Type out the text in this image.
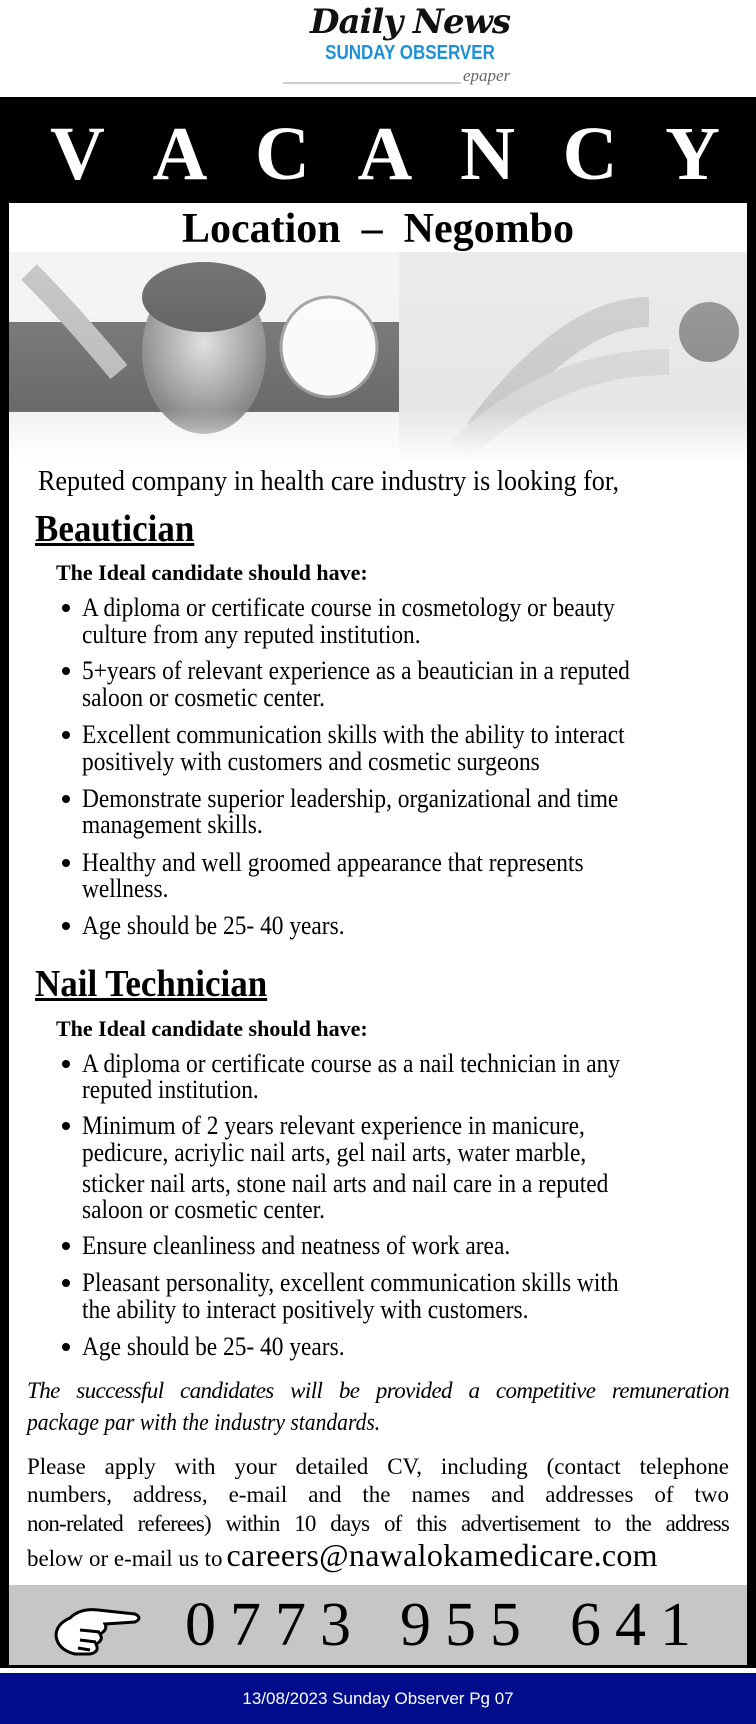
Daily News
SUNDAY OBSERVER
epaper
V A C A N C Y
Location  –  Negombo
Reputed company in health care industry is looking for,
Beautician
The Ideal candidate should have:
A diploma or certificate course in cosmetology or beauty
culture from any reputed institution.
5+years of relevant experience as a beautician in a reputed
saloon or cosmetic center.
Excellent communication skills with the ability to interact
positively with customers and cosmetic surgeons
Demonstrate superior leadership, organizational and time
management skills.
Healthy and well groomed appearance that represents
wellness.
Age should be 25- 40 years.
Nail Technician
The Ideal candidate should have:
A diploma or certificate course as a nail technician in any
reputed institution.
Minimum of 2 years relevant experience in manicure,
pedicure, acriylic nail arts, gel nail arts, water marble,
sticker nail arts, stone nail arts and nail care in a reputed
saloon or cosmetic center.
Ensure cleanliness and neatness of work area.
Pleasant personality, excellent communication skills with
the ability to interact positively with customers.
Age should be 25- 40 years.
The successful candidates will be provided a competitive remuneration
package par with the industry standards.
Please apply with your detailed CV, including (contact telephone
numbers, address, e-mail and the names and addresses of two
non-related referees) within 10 days of this advertisement to the address
below or e-mail us to careers@nawalokamedicare.com
0773 955 641
13/08/2023 Sunday Observer Pg 07
